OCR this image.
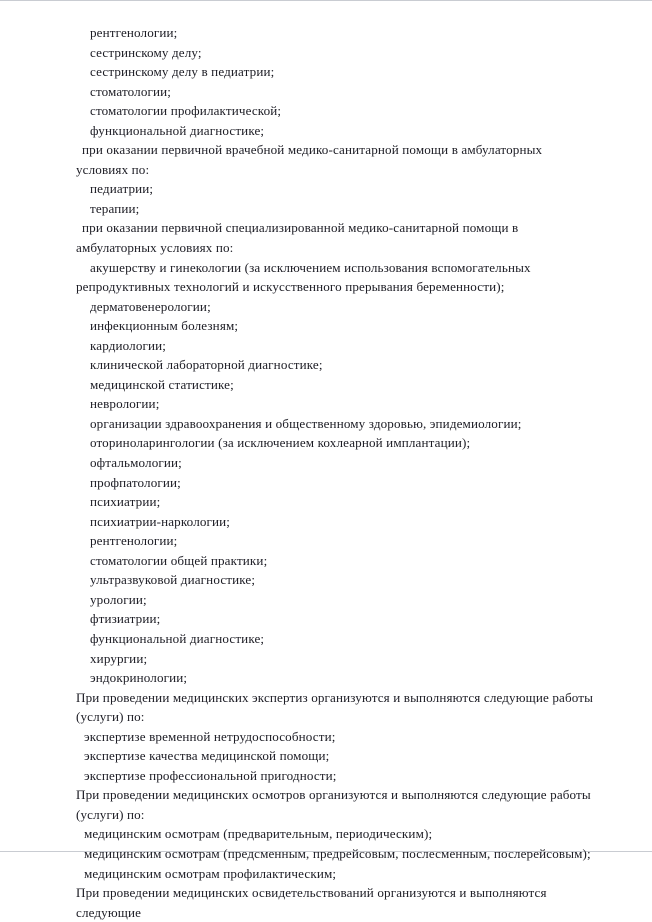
рентгенологии;
сестринскому делу;
сестринскому делу в педиатрии;
стоматологии;
стоматологии профилактической;
функциональной диагностике;
при оказании первичной врачебной медико-санитарной помощи в амбулаторных условиях по:
педиатрии;
терапии;
при оказании первичной специализированной медико-санитарной помощи в амбулаторных условиях по:
акушерству и гинекологии (за исключением использования вспомогательных репродуктивных технологий и искусственного прерывания беременности);
дерматовенерологии;
инфекционным болезням;
кардиологии;
клинической лабораторной диагностике;
медицинской статистике;
неврологии;
организации здравоохранения и общественному здоровью, эпидемиологии;
оториноларингологии (за исключением кохлеарной имплантации);
офтальмологии;
профпатологии;
психиатрии;
психиатрии-наркологии;
рентгенологии;
стоматологии общей практики;
ультразвуковой диагностике;
урологии;
фтизиатрии;
функциональной диагностике;
хирургии;
эндокринологии;
При проведении медицинских экспертиз организуются и выполняются следующие работы (услуги) по:
экспертизе временной нетрудоспособности;
экспертизе качества медицинской помощи;
экспертизе профессиональной пригодности;
При проведении медицинских осмотров организуются и выполняются следующие работы (услуги) по:
медицинским осмотрам (предварительным, периодическим);
медицинским осмотрам (предсменным, предрейсовым, послесменным, послерейсовым);
медицинским осмотрам профилактическим;
При проведении медицинских освидетельствований организуются и выполняются следующие
